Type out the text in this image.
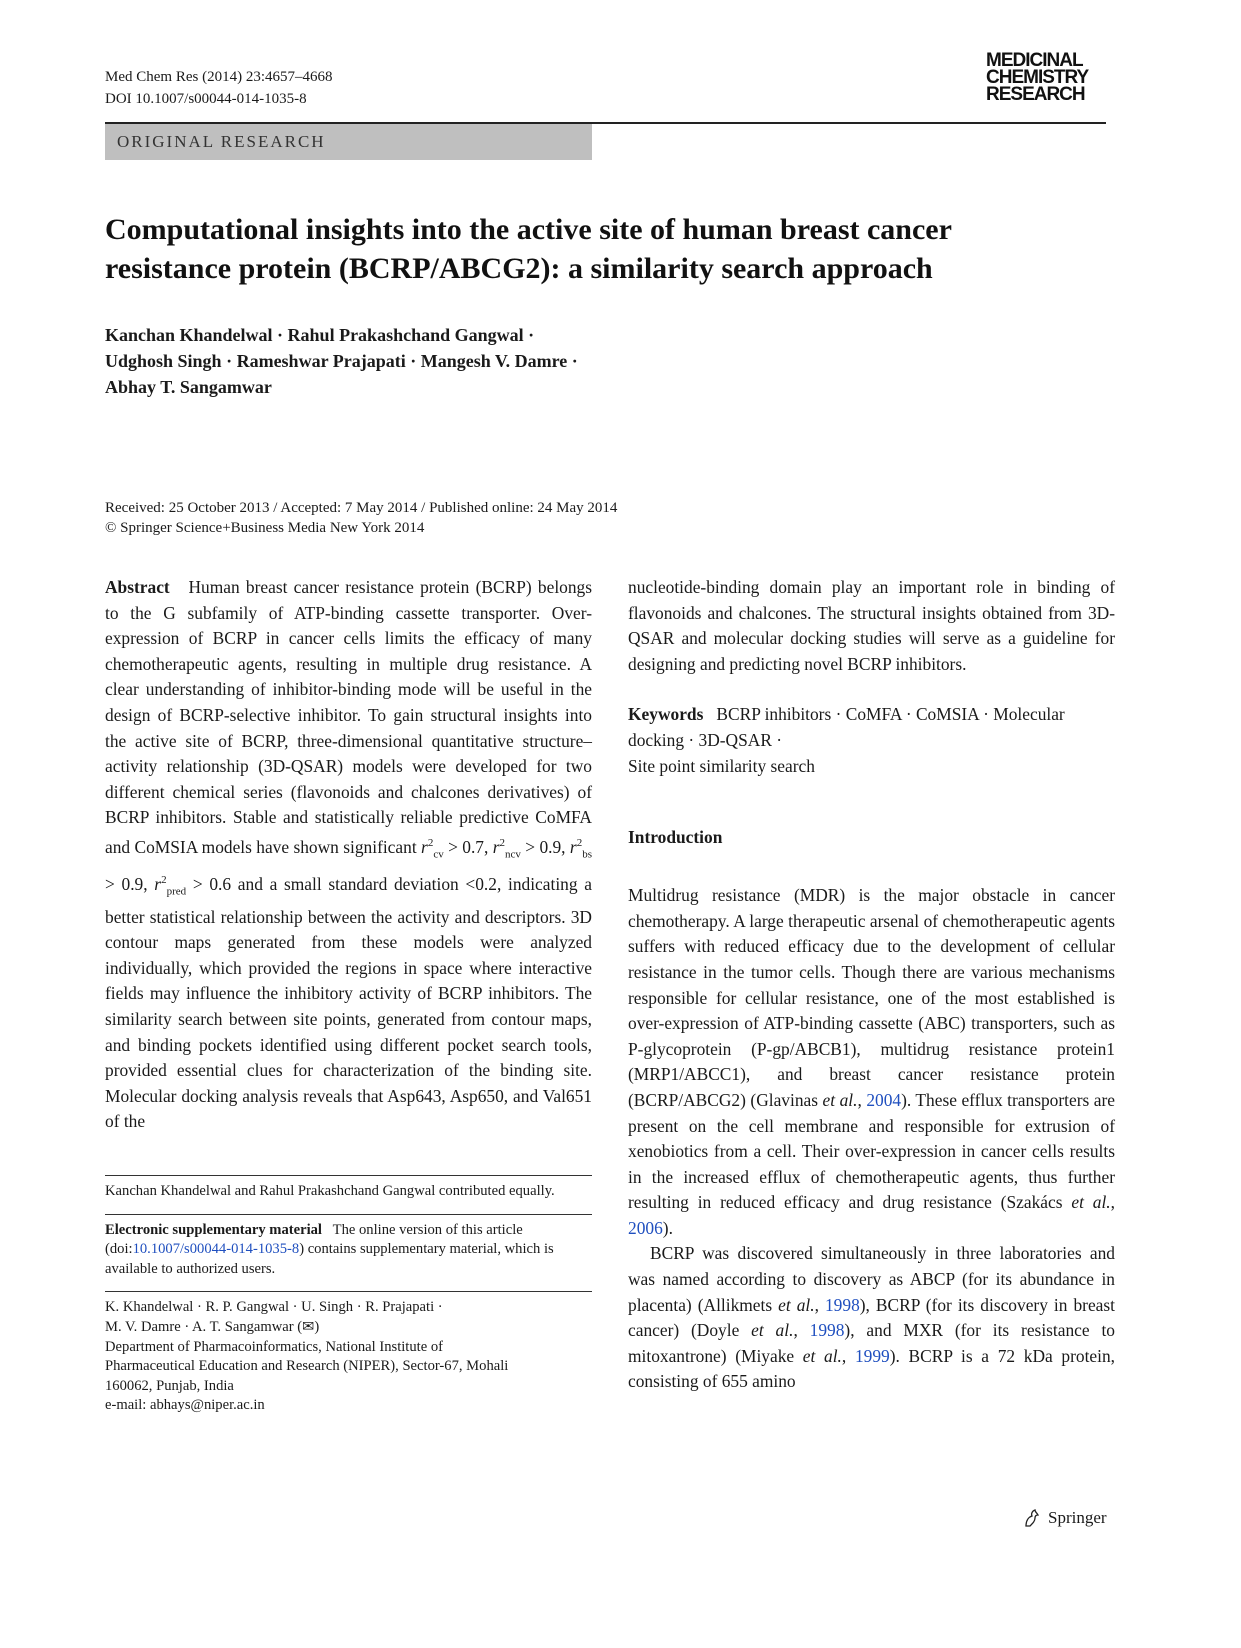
Med Chem Res (2014) 23:4657–4668
DOI 10.1007/s00044-014-1035-8
MEDICINAL
CHEMISTRY
RESEARCH
ORIGINAL RESEARCH
Computational insights into the active site of human breast cancer
resistance protein (BCRP/ABCG2): a similarity search approach
Kanchan Khandelwal · Rahul Prakashchand Gangwal ·
Udghosh Singh · Rameshwar Prajapati · Mangesh V. Damre ·
Abhay T. Sangamwar
Received: 25 October 2013 / Accepted: 7 May 2014 / Published online: 24 May 2014
© Springer Science+Business Media New York 2014

Abstract Human breast cancer resistance protein (BCRP) belongs to the G subfamily of ATP-binding cassette transporter. Over-expression of BCRP in cancer cells limits the efficacy of many chemotherapeutic agents, resulting in multiple drug resistance. A clear understanding of inhibitor-binding mode will be useful in the design of BCRP-selective inhibitor. To gain structural insights into the active site of BCRP, three-dimensional quantitative structure–activity relationship (3D-QSAR) models were developed for two different chemical series (flavonoids and chalcones derivatives) of BCRP inhibitors. Stable and statistically reliable predictive CoMFA and CoMSIA models have shown significant $r^2_{cv} > 0.7$, $r^2_{ncv} > 0.9$, $r^2_{bs} > 0.9$, $r^2_{pred} > 0.6$ and a small standard deviation <0.2, indicating a better statistical relationship between the activity and descriptors. 3D contour maps generated from these models were analyzed individually, which provided the regions in space where interactive fields may influence the inhibitory activity of BCRP inhibitors. The similarity search between site points, generated from contour maps, and binding pockets identified using different pocket search tools, provided essential clues for characterization of the binding site. Molecular docking analysis reveals that Asp643, Asp650, and Val651 of the

Kanchan Khandelwal and Rahul Prakashchand Gangwal contributed equally.

Electronic supplementary material The online version of this article (doi:10.1007/s00044-014-1035-8) contains supplementary material, which is available to authorized users.

K. Khandelwal · R. P. Gangwal · U. Singh · R. Prajapati ·
M. V. Damre · A. T. Sangamwar (✉)
Department of Pharmacoinformatics, National Institute of Pharmaceutical Education and Research (NIPER), Sector-67, Mohali 160062, Punjab, India
e-mail: abhays@niper.ac.in

nucleotide-binding domain play an important role in binding of flavonoids and chalcones. The structural insights obtained from 3D-QSAR and molecular docking studies will serve as a guideline for designing and predicting novel BCRP inhibitors.

Keywords BCRP inhibitors · CoMFA · CoMSIA · Molecular docking · 3D-QSAR ·
Site point similarity search

Introduction

Multidrug resistance (MDR) is the major obstacle in cancer chemotherapy. A large therapeutic arsenal of chemotherapeutic agents suffers with reduced efficacy due to the development of cellular resistance in the tumor cells. Though there are various mechanisms responsible for cellular resistance, one of the most established is over-expression of ATP-binding cassette (ABC) transporters, such as P-glycoprotein (P-gp/ABCB1), multidrug resistance protein1 (MRP1/ABCC1), and breast cancer resistance protein (BCRP/ABCG2) (Glavinas et al., 2004). These efflux transporters are present on the cell membrane and responsible for extrusion of xenobiotics from a cell. Their over-expression in cancer cells results in the increased efflux of chemotherapeutic agents, thus further resulting in reduced efficacy and drug resistance (Szakács et al., 2006).

BCRP was discovered simultaneously in three laboratories and was named according to discovery as ABCP (for its abundance in placenta) (Allikmets et al., 1998), BCRP (for its discovery in breast cancer) (Doyle et al., 1998), and MXR (for its resistance to mitoxantrone) (Miyake et al., 1999). BCRP is a 72 kDa protein, consisting of 655 amino

Springer
